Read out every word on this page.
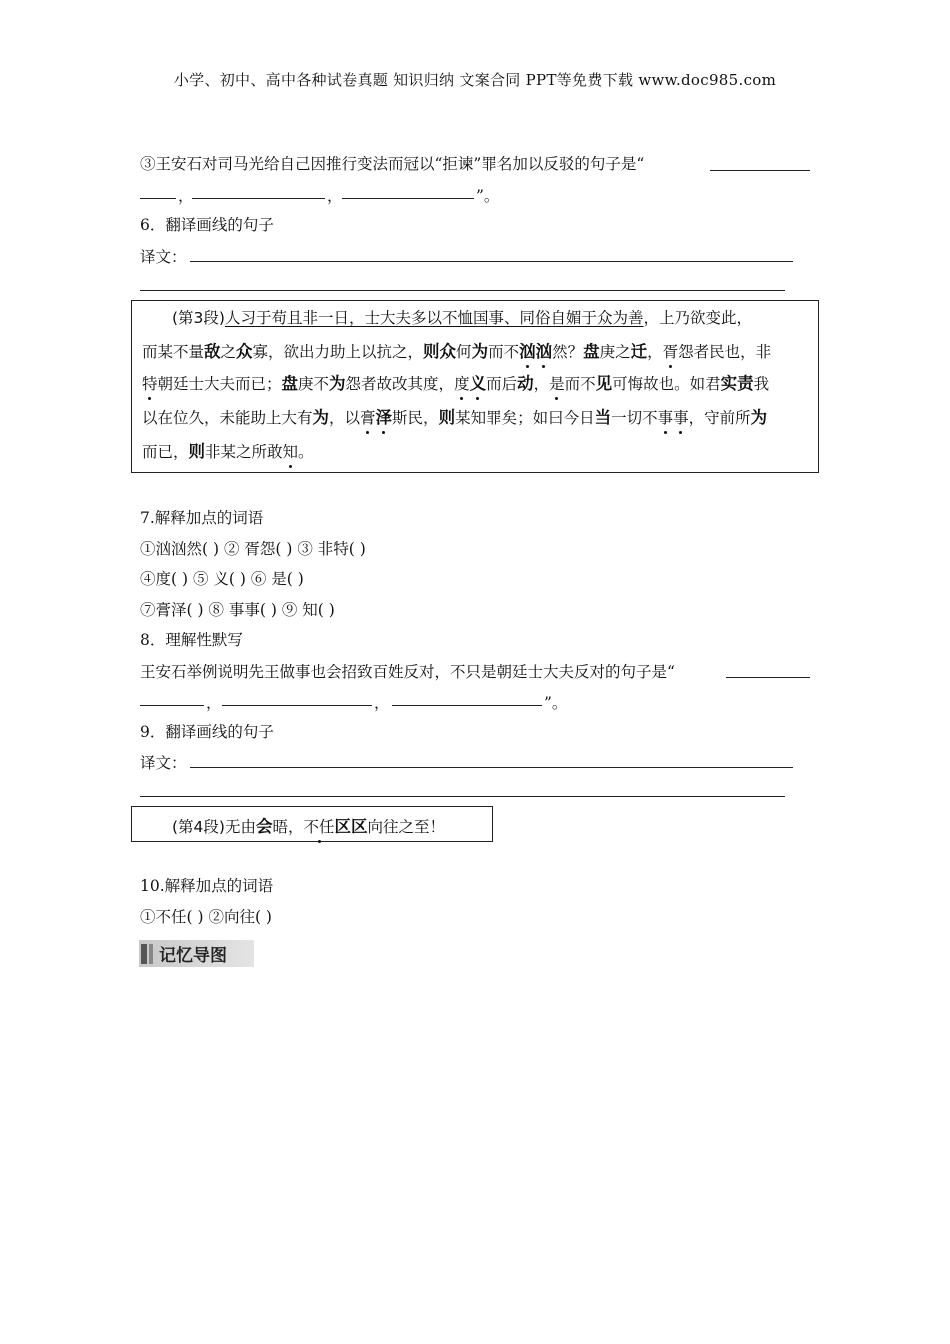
小学、初中、高中各种试卷真题 知识归纳 文案合同 PPT等免费下载 www.doc985.com
③王安石对司马光给自己因推行变法而冠以“拒谏”罪名加以反驳的句子是“
，	，	”。
6．翻译画线的句子
译文：
(第3段)人习于苟且非一日，士大夫多以不恤国事、同俗自媚于众为善，上乃欲变此，
而某不量敌之众寡，欲出力助上以抗之，则众何为而不汹汹然？盘庚之迁，胥怨者民也，非
特朝廷士大夫而已；盘庚不为怨者故改其度，度义而后动，是而不见可悔故也。如君实责我
以在位久，未能助上大有为，以膏泽斯民，则某知罪矣；如曰今日当一切不事事，守前所为
而已，则非某之所敢知。
7.解释加点的词语
①汹汹然( ) ② 胥怨( ) ③ 非特( )
④度( ) ⑤ 义( ) ⑥ 是( )
⑦膏泽( ) ⑧ 事事( ) ⑨ 知( )
8．理解性默写
王安石举例说明先王做事也会招致百姓反对，不只是朝廷士大夫反对的句子是“
，	，	”。
9．翻译画线的句子
译文：
(第4段)无由会晤，不任区区向往之至！
10.解释加点的词语
①不任( ) ②向往( )
记忆导图
